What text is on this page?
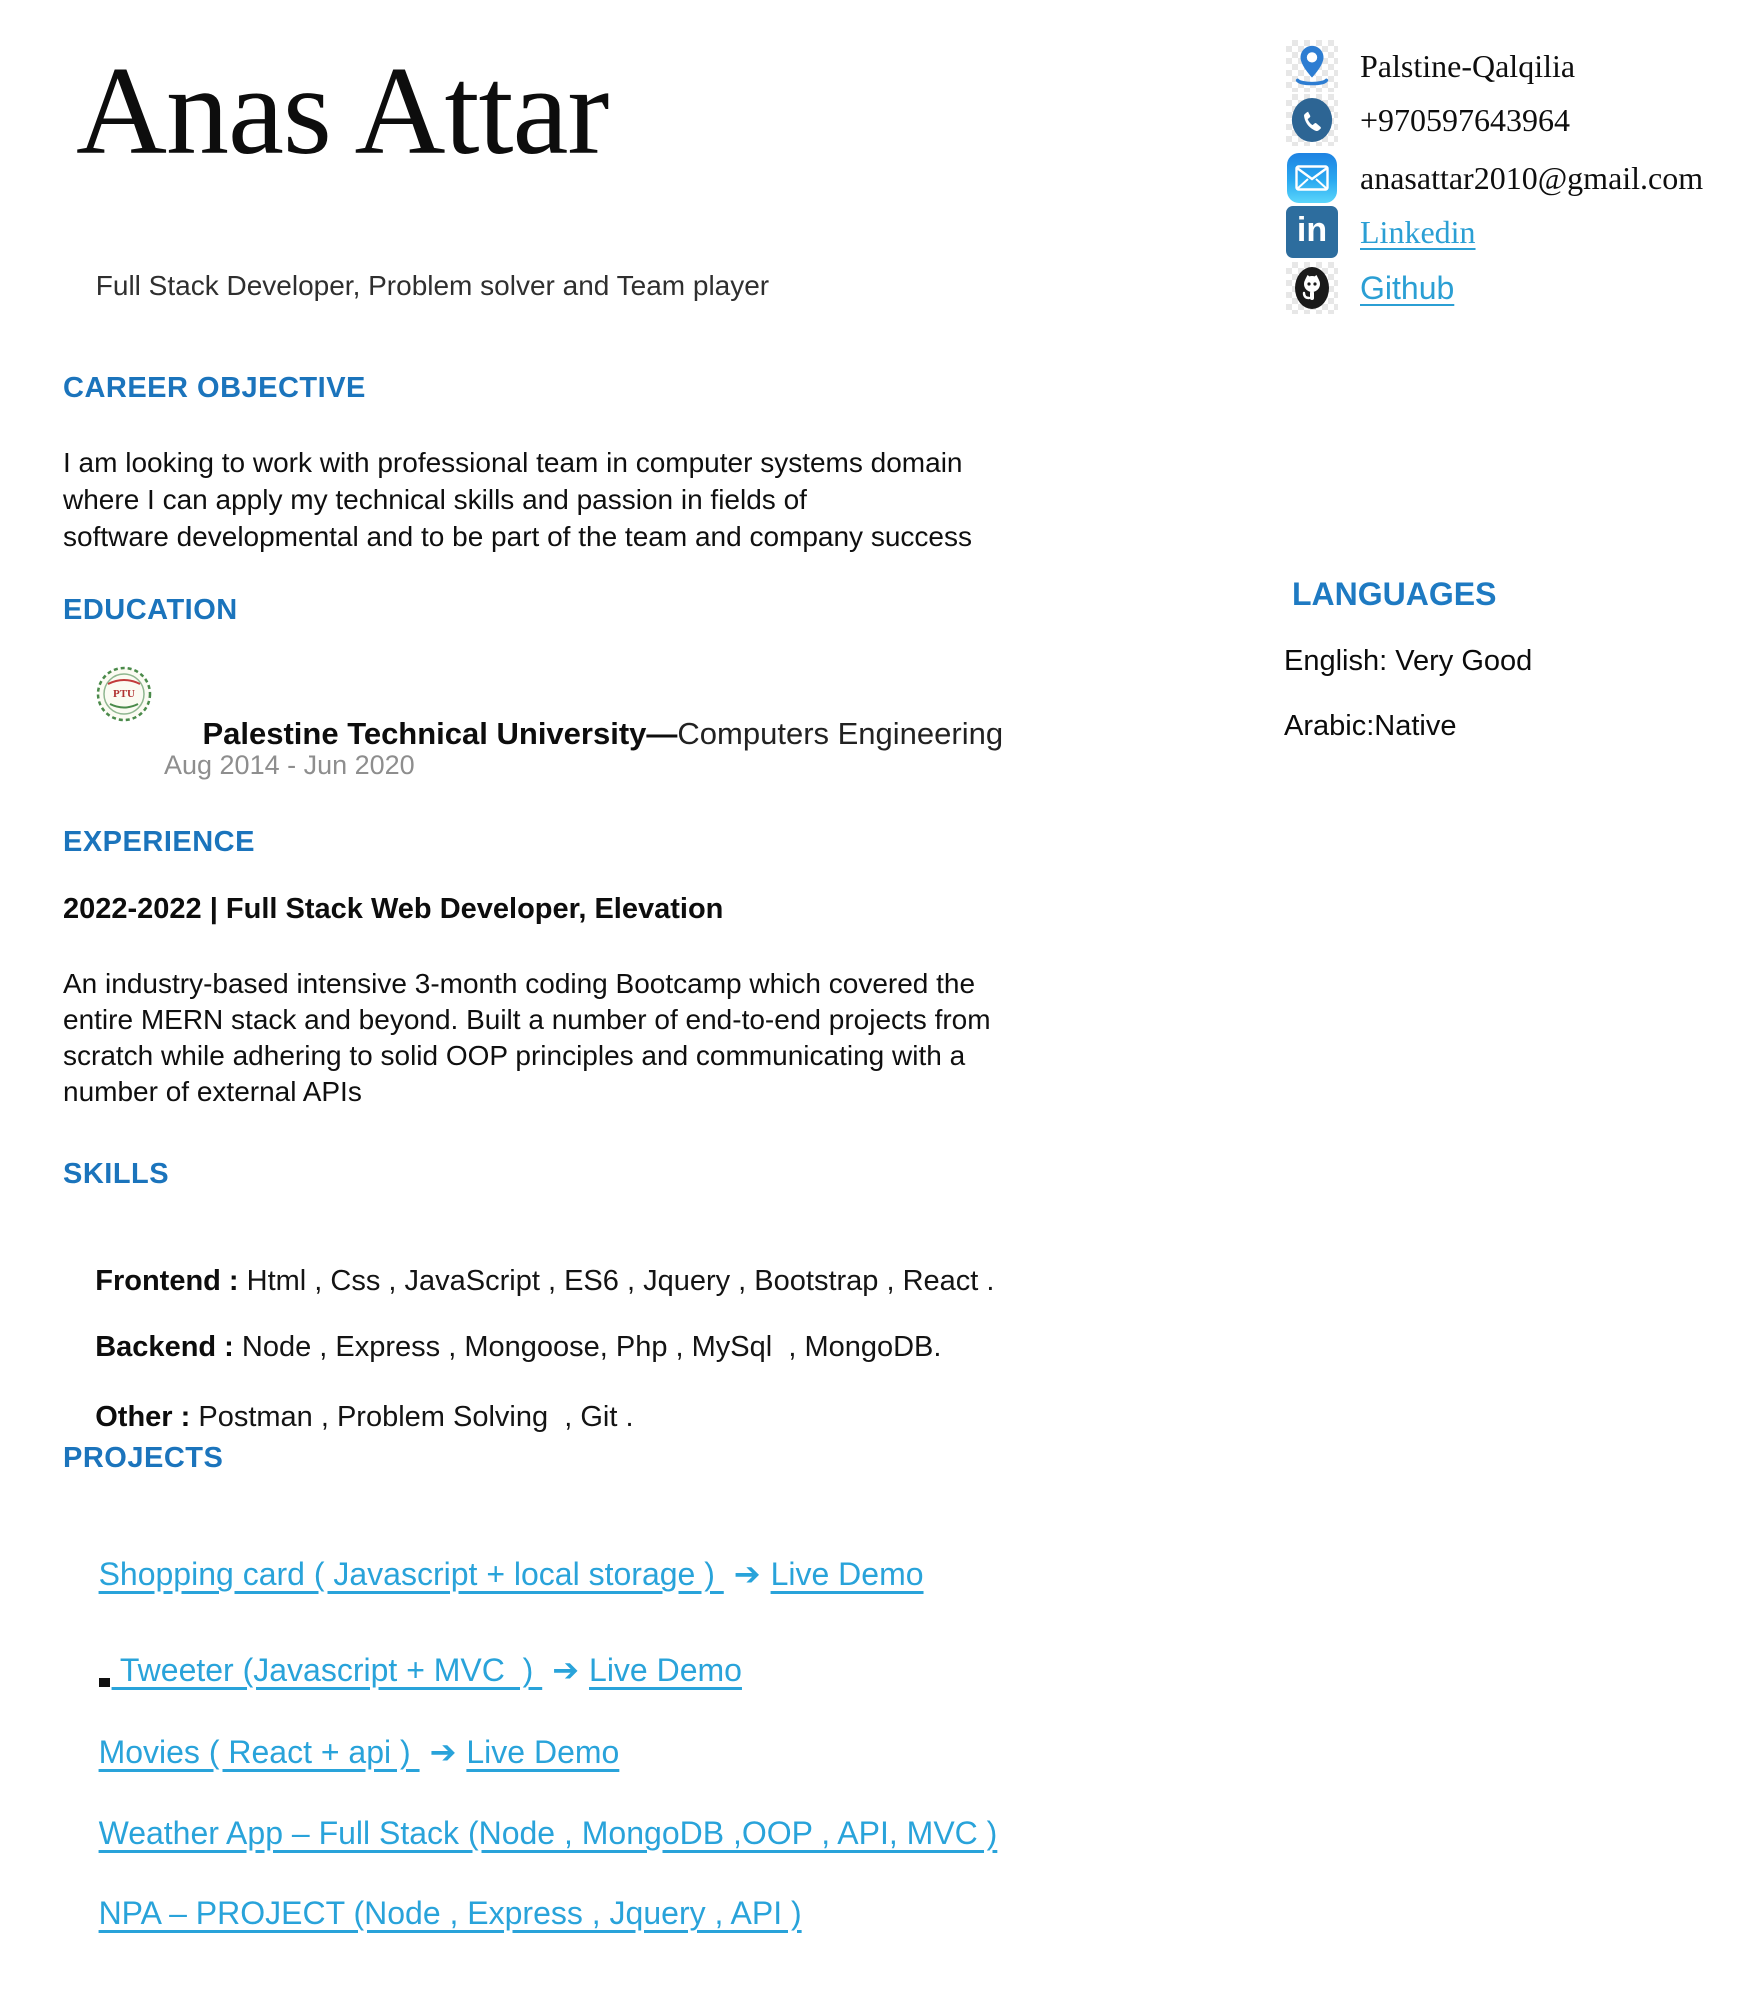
Anas Attar
Full Stack Developer, Problem solver and Team player
Palstine-Qalqilia
+970597643964
anasattar2010@gmail.com
in	Linkedin
Github
CAREER OBJECTIVE
I am looking to work with professional team in computer systems domain
where I can apply my technical skills and passion in fields of
software developmental and to be part of the team and company success
EDUCATION
PTU

Palestine Technical University—Computers Engineering

Aug 2014 - Jun 2020
EXPERIENCE
2022-2022 | Full Stack Web Developer, Elevation
An industry-based intensive 3-month coding Bootcamp which covered the
entire MERN stack and beyond. Built a number of end-to-end projects from
scratch while adhering to solid OOP principles and communicating with a
number of external APIs
SKILLS

Frontend : Html , Css , JavaScript , ES6 , Jquery , Bootstrap , React .

Backend : Node , Express , Mongoose, Php , MySql  , MongoDB.

Other : Postman , Problem Solving  , Git .

PROJECTS

Shopping card ( Javascript + local storage ) ➔ Live Demo

Tweeter (Javascript + MVC  ) ➔ Live Demo

Movies ( React + api ) ➔ Live Demo

Weather App – Full Stack (Node , MongoDB ,OOP , API, MVC )

NPA – PROJECT (Node , Express , Jquery , API )

LANGUAGES
English: Very Good
Arabic:Native
